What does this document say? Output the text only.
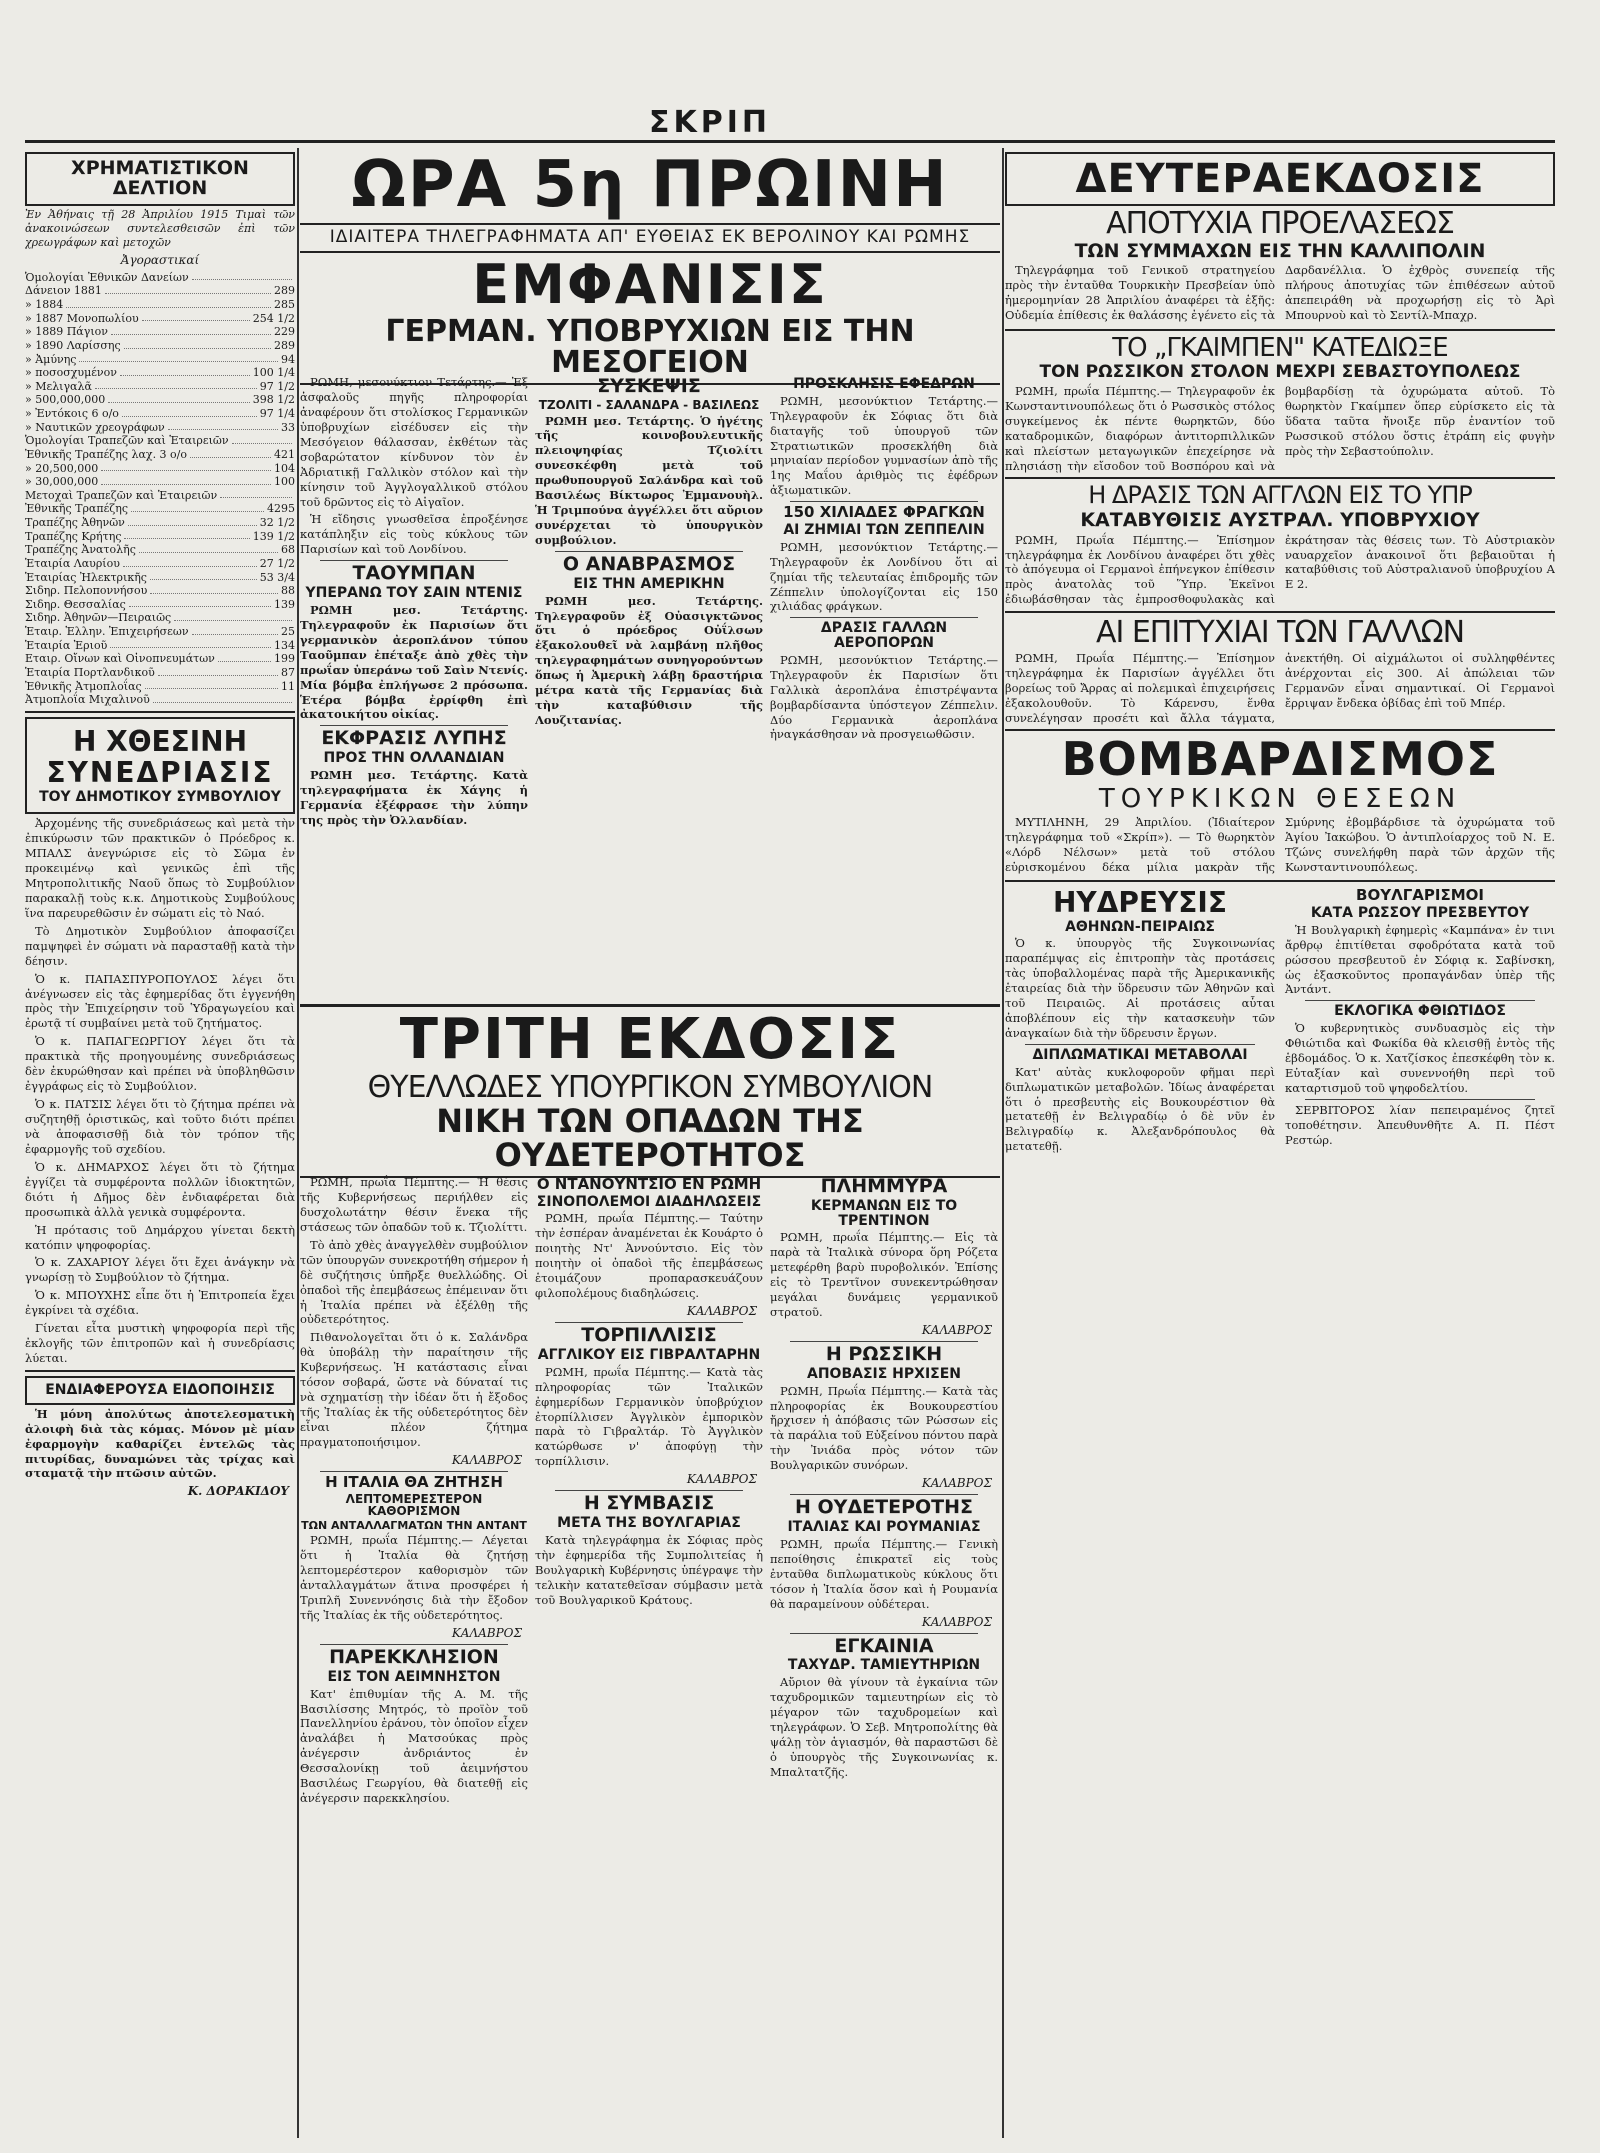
ΣΚΡΙΠ
ΧΡΗΜΑΤΙΣΤΙΚΟΝ ΔΕΛΤΙΟΝ
Ἐν Ἀθήναις τῇ 28 Ἀπριλίου 1915 Τιμαὶ τῶν ἀνακοινώσεων συντελεσθεισῶν ἐπὶ τῶν χρεωγράφων καὶ μετοχῶν
Ἀγοραστικαί
Ὁμολογίαι Ἐθνικῶν Δανείων
Δάνειον 1881	289
» 1884	285
» 1887 Μονοπωλίου	254 1/2
» 1889 Πάγιον	229
» 1890 Λαρίσσης	289
» Ἀμύνης	94
» ποσοσχυμένον	100 1/4
» Μελιγαλᾶ	97 1/2
» 500,000,000	398 1/2
» Ἐντόκοις 6 ο/ο	97 1/4
» Ναυτικῶν χρεογράφων	33
Ὁμολογίαι Τραπεζῶν καὶ Ἑταιρειῶν
Ἐθνικῆς Τραπέζης λαχ. 3 ο/ο	421
» 20,500,000	104
» 30,000,000	100
Μετοχαὶ Τραπεζῶν καὶ Ἑταιρειῶν
Ἐθνικῆς Τραπέζης	4295
Τραπέζης Ἀθηνῶν	32 1/2
Τραπέζης Κρήτης	139 1/2
Τραπέζης Ἀνατολῆς	68
Ἑταιρία Λαυρίου	27 1/2
Ἑταιρίας Ἠλεκτρικῆς	53 3/4
Σιδηρ. Πελοποννήσου	88
Σιδηρ. Θεσσαλίας	139
Σιδηρ. Ἀθηνῶν—Πειραιῶς
Ἑταιρ. Ἑλλην. Ἐπιχειρήσεων	25
Ἑταιρία Ἐριοῦ	134
Εταιρ. Οἴνων καὶ Οἰνοπνευμάτων	199
Ἑταιρία Πορτλανδικοῦ	87
Ἐθνικῆς Ἀτμοπλοΐας	11
Ἀτμοπλοΐα Μιχαλινοῦ
Η ΧΘΕΣΙΝΗ
ΣΥΝΕΔΡΙΑΣΙΣ
ΤΟΥ ΔΗΜΟΤΙΚΟΥ ΣΥΜΒΟΥΛΙΟΥ

Ἀρχομένης τῆς συνεδριάσεως καὶ μετὰ τὴν ἐπικύρωσιν τῶν πρακτικῶν ὁ Πρόεδρος κ. ΜΠΑΛΣ ἀνεγνώρισε εἰς τὸ Σῶμα ἐν προκειμένῳ καὶ γενικῶς ἐπὶ τῆς Μητροπολιτικῆς Ναοῦ ὅπως τὸ Συμβούλιον παρακαλῇ τοὺς κ.κ. Δημοτικοὺς Συμβούλους ἵνα παρευρεθῶσιν ἐν σώματι εἰς τὸ Ναό.

Τὸ Δημοτικὸν Συμβούλιον ἀποφασίζει παμψηφεὶ ἐν σώματι νὰ παρασταθῇ κατὰ τὴν δέησιν.

Ὁ κ. ΠΑΠΑΣΠΥΡΟΠΟΥΛΟΣ λέγει ὅτι ἀνέγνωσεν εἰς τὰς ἐφημερίδας ὅτι ἐγγενήθη πρὸς τὴν Ἐπιχείρησιν τοῦ Ὑδραγωγείου καὶ ἐρωτᾷ τί συμβαίνει μετὰ τοῦ ζητήματος.

Ὁ κ. ΠΑΠΑΓΕΩΡΓΙΟΥ λέγει ὅτι τὰ πρακτικὰ τῆς προηγουμένης συνεδριάσεως δὲν ἐκυρώθησαν καὶ πρέπει νὰ ὑποβληθῶσιν ἐγγράφως εἰς τὸ Συμβούλιον.

Ὁ κ. ΠΑΤΣΙΣ λέγει ὅτι τὸ ζήτημα πρέπει νὰ συζητηθῇ ὁριστικῶς, καὶ τοῦτο διότι πρέπει νὰ ἀποφασισθῇ διὰ τὸν τρόπον τῆς ἐφαρμογῆς τοῦ σχεδίου.

Ὁ κ. ΔΗΜΑΡΧΟΣ λέγει ὅτι τὸ ζήτημα ἐγγίζει τὰ συμφέροντα πολλῶν ἰδιοκτητῶν, διότι ἡ Δῆμος δὲν ἐνδιαφέρεται διὰ προσωπικὰ ἀλλὰ γενικὰ συμφέροντα.

Ἡ πρότασις τοῦ Δημάρχου γίνεται δεκτὴ κατόπιν ψηφοφορίας.

Ὁ κ. ΖΑΧΑΡΙΟΥ λέγει ὅτι ἔχει ἀνάγκην νὰ γνωρίσῃ τὸ Συμβούλιον τὸ ζήτημα.

Ὁ κ. ΜΠΟΥΧΗΣ εἶπε ὅτι ἡ Ἐπιτροπεία ἔχει ἐγκρίνει τὰ σχέδια.

Γίνεται εἶτα μυστικὴ ψηφοφορία περὶ τῆς ἐκλογῆς τῶν ἐπιτροπῶν καὶ ἡ συνεδρίασις λύεται.

ΕΝΔΙΑΦΕΡΟΥΣΑ ΕΙΔΟΠΟΙΗΣΙΣ

Ἡ μόνη ἀπολύτως ἀποτελεσματικὴ ἀλοιφὴ διὰ τὰς κόμας. Μόνον μὲ μίαν ἐφαρμογὴν καθαρίζει ἐντελῶς τὰς πιτυρίδας, δυναμώνει τὰς τρίχας καὶ σταματᾷ τὴν πτῶσιν αὐτῶν.

Κ. ΔΟΡΑΚΙΔΟΥ
ΩΡΑ 5η ΠΡΩΙΝΗ
ΙΔΙΑΙΤΕΡΑ ΤΗΛΕΓΡΑΦΗΜΑΤΑ ΑΠ' ΕΥΘΕΙΑΣ ΕΚ ΒΕΡΟΛΙΝΟΥ ΚΑΙ ΡΩΜΗΣ
ΕΜΦΑΝΙΣΙΣ
ΓΕΡΜΑΝ. ΥΠΟΒΡΥΧΙΩΝ ΕΙΣ ΤΗΝ ΜΕΣΟΓΕΙΟΝ

ΡΩΜΗ, μεσονύκτιον Τετάρτης.— Ἐξ ἀσφαλοῦς πηγῆς πληροφορίαι ἀναφέρουν ὅτι στολίσκος Γερμανικῶν ὑποβρυχίων εἰσέδυσεν εἰς τὴν Μεσόγειον θάλασσαν, ἐκθέτων τὰς σοβαρώτατον κίνδυνον τὸν ἐν Ἀδριατικῇ Γαλλικὸν στόλον καὶ τὴν κίνησιν τοῦ Ἀγγλογαλλικοῦ στόλου τοῦ δρῶντος εἰς τὸ Αἰγαῖον.

Ἡ εἴδησις γνωσθεῖσα ἐπροξένησε κατάπληξιν εἰς τοὺς κύκλους τῶν Παρισίων καὶ τοῦ Λονδίνου.

ΤΑΟΥΜΠΑΝ
ΥΠΕΡΑΝΩ ΤΟΥ ΣΑΙΝ ΝΤΕΝΙΣ

ΡΩΜΗ μεσ. Τετάρτης. Τηλεγραφοῦν ἐκ Παρισίων ὅτι γερμανικὸν ἀεροπλάνον τύπου Ταοῦμπαν ἐπέταξε ἀπὸ χθὲς τὴν πρωΐαν ὑπεράνω τοῦ Σαὶν Ντενίς. Μία βόμβα ἐπλήγωσε 2 πρόσωπα. Ἑτέρα βόμβα ἐρρίφθη ἐπὶ ἀκατοικήτου οἰκίας.

ΕΚΦΡΑΣΙΣ ΛΥΠΗΣ
ΠΡΟΣ ΤΗΝ ΟΛΛΑΝΔΙΑΝ

ΡΩΜΗ μεσ. Τετάρτης. Κατὰ τηλεγραφήματα ἐκ Χάγης ἡ Γερμανία ἐξέφρασε τὴν λύπην της πρὸς τὴν Ὀλλανδίαν.

ΣΥΣΚΕΨΙΣ
ΤΖΟΛΙΤΙ - ΣΑΛΑΝΔΡΑ - ΒΑΣΙΛΕΩΣ

ΡΩΜΗ μεσ. Τετάρτης. Ὁ ἡγέτης τῆς κοινοβουλευτικῆς πλειοψηφίας Τζιολίτι συνεσκέφθη μετὰ τοῦ πρωθυπουργοῦ Σαλάνδρα καὶ τοῦ Βασιλέως Βίκτωρος Ἐμμανουὴλ. Ἡ Τριμπούνα ἀγγέλλει ὅτι αὔριον συνέρχεται τὸ ὑπουργικὸν συμβούλιον.

Ο ΑΝΑΒΡΑΣΜΟΣ
ΕΙΣ ΤΗΝ ΑΜΕΡΙΚΗΝ

ΡΩΜΗ μεσ. Τετάρτης. Τηλεγραφοῦν ἐξ Οὐασιγκτῶνος ὅτι ὁ πρόεδρος Οὐΐλσων ἐξακολουθεῖ νὰ λαμβάνῃ πλῆθος τηλεγραφημάτων συνηγορούντων ὅπως ἡ Ἀμερικὴ λάβῃ δραστήρια μέτρα κατὰ τῆς Γερμανίας διὰ τὴν καταβύθισιν τῆς Λουζιτανίας.

ΠΡΟΣΚΛΗΣΙΣ ΕΦΕΔΡΩΝ

ΡΩΜΗ, μεσονύκτιον Τετάρτης.— Τηλεγραφοῦν ἐκ Σόφιας ὅτι διὰ διαταγῆς τοῦ ὑπουργοῦ τῶν Στρατιωτικῶν προσεκλήθη διὰ μηνιαίαν περίοδον γυμνασίων ἀπὸ τῆς 1ης Μαΐου ἀριθμὸς τις ἐφέδρων ἀξιωματικῶν.

150 ΧΙΛΙΑΔΕΣ ΦΡΑΓΚΩΝ
ΑΙ ΖΗΜΙΑΙ ΤΩΝ ΖΕΠΠΕΛΙΝ

ΡΩΜΗ, μεσονύκτιον Τετάρτης.— Τηλεγραφοῦν ἐκ Λονδίνου ὅτι αἱ ζημίαι τῆς τελευταίας ἐπιδρομῆς τῶν Ζέππελιν ὑπολογίζονται εἰς 150 χιλιάδας φράγκων.

ΔΡΑΣΙΣ ΓΑΛΛΩΝ ΑΕΡΟΠΟΡΩΝ

ΡΩΜΗ, μεσονύκτιον Τετάρτης.— Τηλεγραφοῦν ἐκ Παρισίων ὅτι Γαλλικὰ ἀεροπλάνα ἐπιστρέψαντα βομβαρδίσαντα ὑπόστεγον Ζέππελιν. Δύο Γερμανικὰ ἀεροπλάνα ἠναγκάσθησαν νὰ προσγειωθῶσιν.

ΤΡΙΤΗ ΕΚΔΟΣΙΣ
ΘΥΕΛΛΩΔΕΣ ΥΠΟΥΡΓΙΚΟΝ ΣΥΜΒΟΥΛΙΟΝ
ΝΙΚΗ ΤΩΝ ΟΠΑΔΩΝ ΤΗΣ ΟΥΔΕΤΕΡΟΤΗΤΟΣ

ΡΩΜΗ, πρωΐα Πέμπτης.— Ἡ θέσις τῆς Κυβερνήσεως περιήλθεν εἰς δυσχολωτάτην θέσιν ἕνεκα τῆς στάσεως τῶν ὀπαδῶν τοῦ κ. Τζιολίττι.

Τὸ ἀπὸ χθὲς ἀναγγελθὲν συμβούλιον τῶν ὑπουργῶν συνεκροτήθη σήμερον ἡ δὲ συζήτησις ὑπῆρξε θυελλώδης. Οἱ ὀπαδοὶ τῆς ἐπεμβάσεως ἐπέμειναν ὅτι ἡ Ἰταλία πρέπει νὰ ἐξέλθῃ τῆς οὐδετερότητος.

Πιθανολογεῖται ὅτι ὁ κ. Σαλάνδρα θὰ ὑποβάλῃ τὴν παραίτησιν τῆς Κυβερνήσεως. Ἡ κατάστασις εἶναι τόσον σοβαρά, ὥστε νὰ δύναταί τις νὰ σχηματίσῃ τὴν ἰδέαν ὅτι ἡ ἔξοδος τῆς Ἰταλίας ἐκ τῆς οὐδετερότητος δὲν εἶναι πλέον ζήτημα πραγματοποιήσιμον.

ΚΑΛΑΒΡΟΣ
Η ΙΤΑΛΙΑ ΘΑ ΖΗΤΗΣΗ
ΛΕΠΤΟΜΕΡΕΣΤΕΡΟΝ ΚΑΘΟΡΙΣΜΟΝ
ΤΩΝ ΑΝΤΑΛΛΑΓΜΑΤΩΝ ΤΗΝ ΑΝΤΑΝΤ

ΡΩΜΗ, πρωΐα Πέμπτης.— Λέγεται ὅτι ἡ Ἰταλία θὰ ζητήσῃ λεπτομερέστερον καθορισμὸν τῶν ἀνταλλαγμάτων ἅτινα προσφέρει ἡ Τριπλῆ Συνεννόησις διὰ τὴν ἔξοδον τῆς Ἰταλίας ἐκ τῆς οὐδετερότητος.

ΚΑΛΑΒΡΟΣ
ΠΑΡΕΚΚΛΗΣΙΟΝ
ΕΙΣ ΤΟΝ ΑΕΙΜΝΗΣΤΟΝ

Κατ' ἐπιθυμίαν τῆς Α. Μ. τῆς Βασιλίσσης Μητρός, τὸ προϊὸν τοῦ Πανελληνίου ἐράνου, τὸν ὁποῖον εἶχεν ἀναλάβει ἡ Ματσούκας πρὸς ἀνέγερσιν ἀνδριάντος ἐν Θεσσαλονίκῃ τοῦ ἀειμνήστου Βασιλέως Γεωργίου, θὰ διατεθῇ εἰς ἀνέγερσιν παρεκκλησίου.

Ο ΝΤΑΝΟΥΝΤΣΙΟ ΕΝ ΡΩΜΗ
ΣΙΝΟΠΟΛΕΜΟΙ ΔΙΑΔΗΛΩΣΕΙΣ

ΡΩΜΗ, πρωΐα Πέμπτης.— Ταύτην τὴν ἑσπέραν ἀναμένεται ἐκ Κουάρτο ὁ ποιητὴς Ντ' Ἀννούντσιο. Εἰς τὸν ποιητὴν οἱ ὀπαδοὶ τῆς ἐπεμβάσεως ἑτοιμάζουν προπαρασκευάζουν φιλοπολέμους διαδηλώσεις.

ΚΑΛΑΒΡΟΣ
ΤΟΡΠΙΛΛΙΣΙΣ
ΑΓΓΛΙΚΟΥ ΕΙΣ ΓΙΒΡΑΛΤΑΡΗΝ

ΡΩΜΗ, πρωΐα Πέμπτης.— Κατὰ τὰς πληροφορίας τῶν Ἰταλικῶν ἐφημερίδων Γερμανικὸν ὑποβρύχιον ἐτορπίλλισεν Ἀγγλικὸν ἐμπορικὸν παρὰ τὸ Γιβραλτάρ. Τὸ Ἀγγλικὸν κατώρθωσε ν' ἀποφύγῃ τὴν τορπίλλισιν.

ΚΑΛΑΒΡΟΣ
Η ΣΥΜΒΑΣΙΣ
ΜΕΤΑ ΤΗΣ ΒΟΥΛΓΑΡΙΑΣ

Κατὰ τηλεγράφημα ἐκ Σόφιας πρὸς τὴν ἐφημερίδα τῆς Συμπολιτείας ἡ Βουλγαρικὴ Κυβέρνησις ὑπέγραψε τὴν τελικὴν κατατεθεῖσαν σύμβασιν μετὰ τοῦ Βουλγαρικοῦ Κράτους.

ΠΛΗΜΜΥΡΑ
ΚΕΡΜΑΝΩΝ ΕΙΣ ΤΟ ΤΡΕΝΤΙΝΟΝ

ΡΩΜΗ, πρωΐα Πέμπτης.— Εἰς τὰ παρὰ τὰ Ἰταλικὰ σύνορα ὅρη Ρόζετα μετεφέρθη βαρὺ πυροβολικόν. Ἐπίσης εἰς τὸ Τρεντῖνον συνεκεντρώθησαν μεγάλαι δυνάμεις γερμανικοῦ στρατοῦ.

ΚΑΛΑΒΡΟΣ
Η ΡΩΣΣΙΚΗ
ΑΠΟΒΑΣΙΣ ΗΡΧΙΣΕΝ

ΡΩΜΗ, Πρωΐα Πέμπτης.— Κατὰ τὰς πληροφορίας ἐκ Βουκουρεστίου ἤρχισεν ἡ ἀπόβασις τῶν Ρώσσων εἰς τὰ παράλια τοῦ Εὐξείνου πόντου παρὰ τὴν Ἰνιάδα πρὸς νότον τῶν Βουλγαρικῶν συνόρων.

ΚΑΛΑΒΡΟΣ
Η ΟΥΔΕΤΕΡΟΤΗΣ
ΙΤΑΛΙΑΣ ΚΑΙ ΡΟΥΜΑΝΙΑΣ

ΡΩΜΗ, πρωΐα Πέμπτης.— Γενικὴ πεποίθησις ἐπικρατεῖ εἰς τοὺς ἐνταῦθα διπλωματικοὺς κύκλους ὅτι τόσον ἡ Ἰταλία ὅσον καὶ ἡ Ρουμανία θὰ παραμείνουν οὐδέτεραι.

ΚΑΛΑΒΡΟΣ
ΕΓΚΑΙΝΙΑ
ΤΑΧΥΔΡ. ΤΑΜΙΕΥΤΗΡΙΩΝ

Αὔριον θὰ γίνουν τὰ ἐγκαίνια τῶν ταχυδρομικῶν ταμιευτηρίων εἰς τὸ μέγαρον τῶν ταχυδρομείων καὶ τηλεγράφων. Ὁ Σεβ. Μητροπολίτης θὰ ψάλῃ τὸν ἁγιασμόν, θὰ παραστῶσι δὲ ὁ ὑπουργὸς τῆς Συγκοινωνίας κ. Μπαλτατζῆς.

ΔΕΥΤΕΡΑΕΚΔΟΣΙΣ
ΑΠΟΤΥΧΙΑ ΠΡΟΕΛΑΣΕΩΣ
ΤΩΝ ΣΥΜΜΑΧΩΝ ΕΙΣ ΤΗΝ ΚΑΛΛΙΠΟΛΙΝ

Τηλεγράφημα τοῦ Γενικοῦ στρατηγείου πρὸς τὴν ἐνταῦθα Τουρκικὴν Πρεσβείαν ὑπὸ ἡμερομηνίαν 28 Ἀπριλίου ἀναφέρει τὰ ἑξῆς: Οὐδεμία ἐπίθεσις ἐκ θαλάσσης ἐγένετο εἰς τὰ Δαρδανέλλια. Ὁ ἐχθρὸς συνεπείᾳ τῆς πλήρους ἀποτυχίας τῶν ἐπιθέσεων αὐτοῦ ἀπεπειράθη νὰ προχωρήσῃ εἰς τὸ Ἀρὶ Μπουρνοὺ καὶ τὸ Σεντίλ-Μπαχρ.

ΤΟ „ΓΚΑΙΜΠΕΝ" ΚΑΤΕΔΙΩΞΕ
ΤΟΝ ΡΩΣΣΙΚΟΝ ΣΤΟΛΟΝ ΜΕΧΡΙ ΣΕΒΑΣΤΟΥΠΟΛΕΩΣ

ΡΩΜΗ, πρωΐα Πέμπτης.— Τηλεγραφοῦν ἐκ Κωνσταντινουπόλεως ὅτι ὁ Ρωσσικὸς στόλος συγκείμενος ἐκ πέντε θωρηκτῶν, δύο καταδρομικῶν, διαφόρων ἀντιτορπιλλικῶν καὶ πλείστων μεταγωγικῶν ἐπεχείρησε νὰ πλησιάσῃ τὴν εἴσοδον τοῦ Βοσπόρου καὶ νὰ βομβαρδίσῃ τὰ ὀχυρώματα αὐτοῦ. Τὸ θωρηκτὸν Γκαίμπεν ὅπερ εὑρίσκετο εἰς τὰ ὕδατα ταῦτα ἤνοιξε πῦρ ἐναντίον τοῦ Ρωσσικοῦ στόλου ὅστις ἐτράπη εἰς φυγὴν πρὸς τὴν Σεβαστούπολιν.

Η ΔΡΑΣΙΣ ΤΩΝ ΑΓΓΛΩΝ ΕΙΣ ΤΟ ΥΠΡ
ΚΑΤΑΒΥΘΙΣΙΣ ΑΥΣΤΡΑΛ. ΥΠΟΒΡΥΧΙΟΥ

ΡΩΜΗ, Πρωΐα Πέμπτης.— Ἐπίσημον τηλεγράφημα ἐκ Λονδίνου ἀναφέρει ὅτι χθὲς τὸ ἀπόγευμα οἱ Γερμανοὶ ἐπήνεγκον ἐπίθεσιν πρὸς ἀνατολὰς τοῦ Ὕπρ. Ἐκεῖνοι ἐδιωβάσθησαν τὰς ἐμπροσθοφυλακὰς καὶ ἐκράτησαν τὰς θέσεις των. Τὸ Αὐστριακὸν ναυαρχεῖον ἀνακοινοῖ ὅτι βεβαιοῦται ἡ καταβύθισις τοῦ Αὐστραλιανοῦ ὑποβρυχίου Α Ε 2.

ΑΙ ΕΠΙΤΥΧΙΑΙ ΤΩΝ ΓΑΛΛΩΝ

ΡΩΜΗ, Πρωΐα Πέμπτης.— Ἐπίσημον τηλεγράφημα ἐκ Παρισίων ἀγγέλλει ὅτι βορείως τοῦ Ἄρρας αἱ πολεμικαὶ ἐπιχειρήσεις ἐξακολουθοῦν. Τὸ Κάρενσυ, ἕνθα συνελέγησαν προσέτι καὶ ἄλλα τάγματα, ἀνεκτήθη. Οἱ αἰχμάλωτοι οἱ συλληφθέντες ἀνέρχονται εἰς 300. Αἱ ἀπώλειαι τῶν Γερμανῶν εἶναι σημαντικαί. Οἱ Γερμανοὶ ἔρριψαν ἔνδεκα ὀβίδας ἐπὶ τοῦ Μπέρ.

ΒΟΜΒΑΡΔΙΣΜΟΣ
ΤΟΥΡΚΙΚΩΝ ΘΕΣΕΩΝ

ΜΥΤΙΛΗΝΗ, 29 Ἀπριλίου. (Ἰδιαίτερον τηλεγράφημα τοῦ «Σκρίπ»). — Τὸ θωρηκτὸν «Λόρδ Νέλσων» μετὰ τοῦ στόλου εὑρισκομένου δέκα μίλια μακρὰν τῆς Σμύρνης ἐβομβάρδισε τὰ ὀχυρώματα τοῦ Ἁγίου Ἰακώβου. Ὁ ἀντιπλοίαρχος τοῦ Ν. Ε. Τζώνς συνελήφθη παρὰ τῶν ἀρχῶν τῆς Κωνσταντινουπόλεως.

ΗΥΔΡΕΥΣΙΣ
ΑΘΗΝΩΝ-ΠΕΙΡΑΙΩΣ

Ὁ κ. ὑπουργὸς τῆς Συγκοινωνίας παραπέμψας εἰς ἐπιτροπὴν τὰς προτάσεις τὰς ὑποβαλλομένας παρὰ τῆς Ἀμερικανικῆς ἑταιρείας διὰ τὴν ὕδρευσιν τῶν Ἀθηνῶν καὶ τοῦ Πειραιῶς. Αἱ προτάσεις αὗται ἀποβλέπουν εἰς τὴν κατασκευὴν τῶν ἀναγκαίων διὰ τὴν ὕδρευσιν ἔργων.

ΔΙΠΛΩΜΑΤΙΚΑΙ ΜΕΤΑΒΟΛΑΙ

Κατ' αὐτὰς κυκλοφοροῦν φῆμαι περὶ διπλωματικῶν μεταβολῶν. Ἰδίως ἀναφέρεται ὅτι ὁ πρεσβευτὴς εἰς Βουκουρέστιον θὰ μετατεθῇ ἐν Βελιγραδίῳ ὁ δὲ νῦν ἐν Βελιγραδίῳ κ. Ἀλεξανδρόπουλος θὰ μετατεθῇ.

ΒΟΥΛΓΑΡΙΣΜΟΙ
ΚΑΤΑ ΡΩΣΣΟΥ ΠΡΕΣΒΕΥΤΟΥ

Ἡ Βουλγαρικὴ ἐφημερὶς «Καμπάνα» ἐν τινι ἄρθρῳ ἐπιτίθεται σφοδρότατα κατὰ τοῦ ρώσσου πρεσβευτοῦ ἐν Σόφιᾳ κ. Σαβίνσκη, ὡς ἐξασκοῦντος προπαγάνδαν ὑπὲρ τῆς Ἀντάντ.

ΕΚΛΟΓΙΚΑ ΦΘΙΩΤΙΔΟΣ

Ὁ κυβερνητικὸς συνδυασμὸς εἰς τὴν Φθιώτιδα καὶ Φωκίδα θὰ κλεισθῇ ἐντὸς τῆς ἑβδομάδος. Ὁ κ. Χατζίσκος ἐπεσκέφθη τὸν κ. Εὐταξίαν καὶ συνεννοήθη περὶ τοῦ καταρτισμοῦ τοῦ ψηφοδελτίου.

ΣΕΡΒΙΤΟΡΟΣ λίαν πεπειραμένος ζητεῖ τοποθέτησιν. Ἀπευθυνθῆτε Α. Π. Πέστ Ρεστώρ.
